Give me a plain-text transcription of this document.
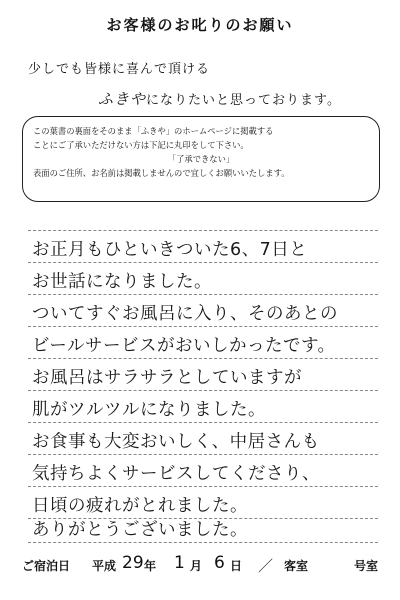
お客様のお叱りのお願い
少しでも皆様に喜んで頂ける
ふきやになりたいと思っております。
この葉書の裏面をそのまま「ふきや」のホームページに掲載する
ことにご了承いただけない方は下記に丸印をして下さい。
「了承できない」
表面のご住所、お名前は掲載しませんので宜しくお願いいたします。
お正月もひといきついた6、7日と
お世話になりました。
ついてすぐお風呂に入り、そのあとの
ビールサービスがおいしかったです。
お風呂はサラサラとしていますが
肌がツルツルになりました。
お食事も大変おいしく、中居さんも
気持ちよくサービスしてくださり、
日頃の疲れがとれました。
ありがとうございました。
ご宿泊日 平成 29 年 1 月 6 日 ／ 客室	号室
